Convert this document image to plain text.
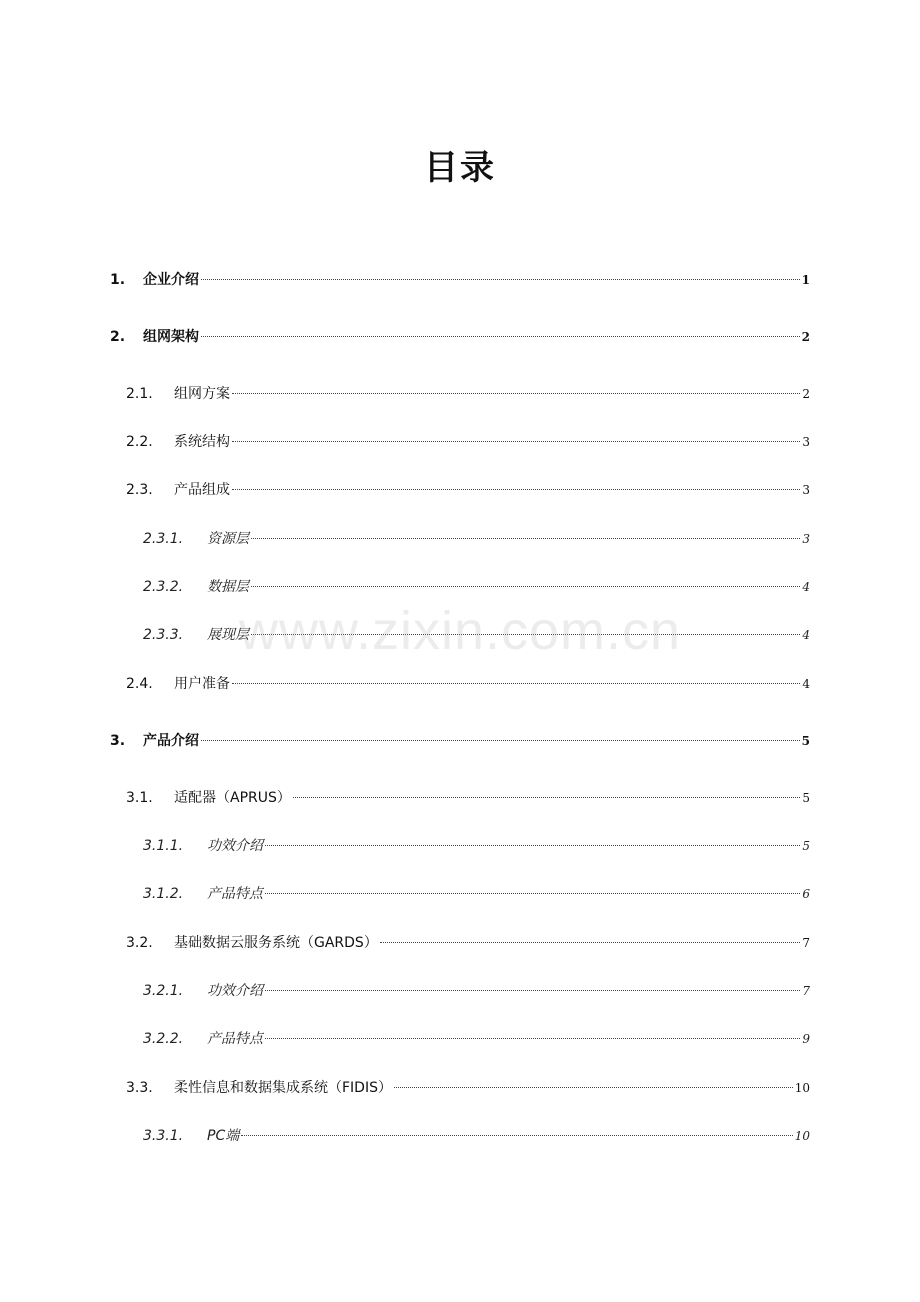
目录
1.	企业介绍	1
2.	组网架构	2
2.1.	组网方案	2
2.2.	系统结构	3
2.3.	产品组成	3
2.3.1.	资源层	3
2.3.2.	数据层	4
2.3.3.	展现层	4
2.4.	用户准备	4
3.	产品介绍	5
3.1.	适配器（APRUS）	5
3.1.1.	功效介绍	5
3.1.2.	产品特点	6
3.2.	基础数据云服务系统（GARDS）	7
3.2.1.	功效介绍	7
3.2.2.	产品特点	9
3.3.	柔性信息和数据集成系统（FIDIS）	10
3.3.1.	PC端	10
www.zixin.com.cn
